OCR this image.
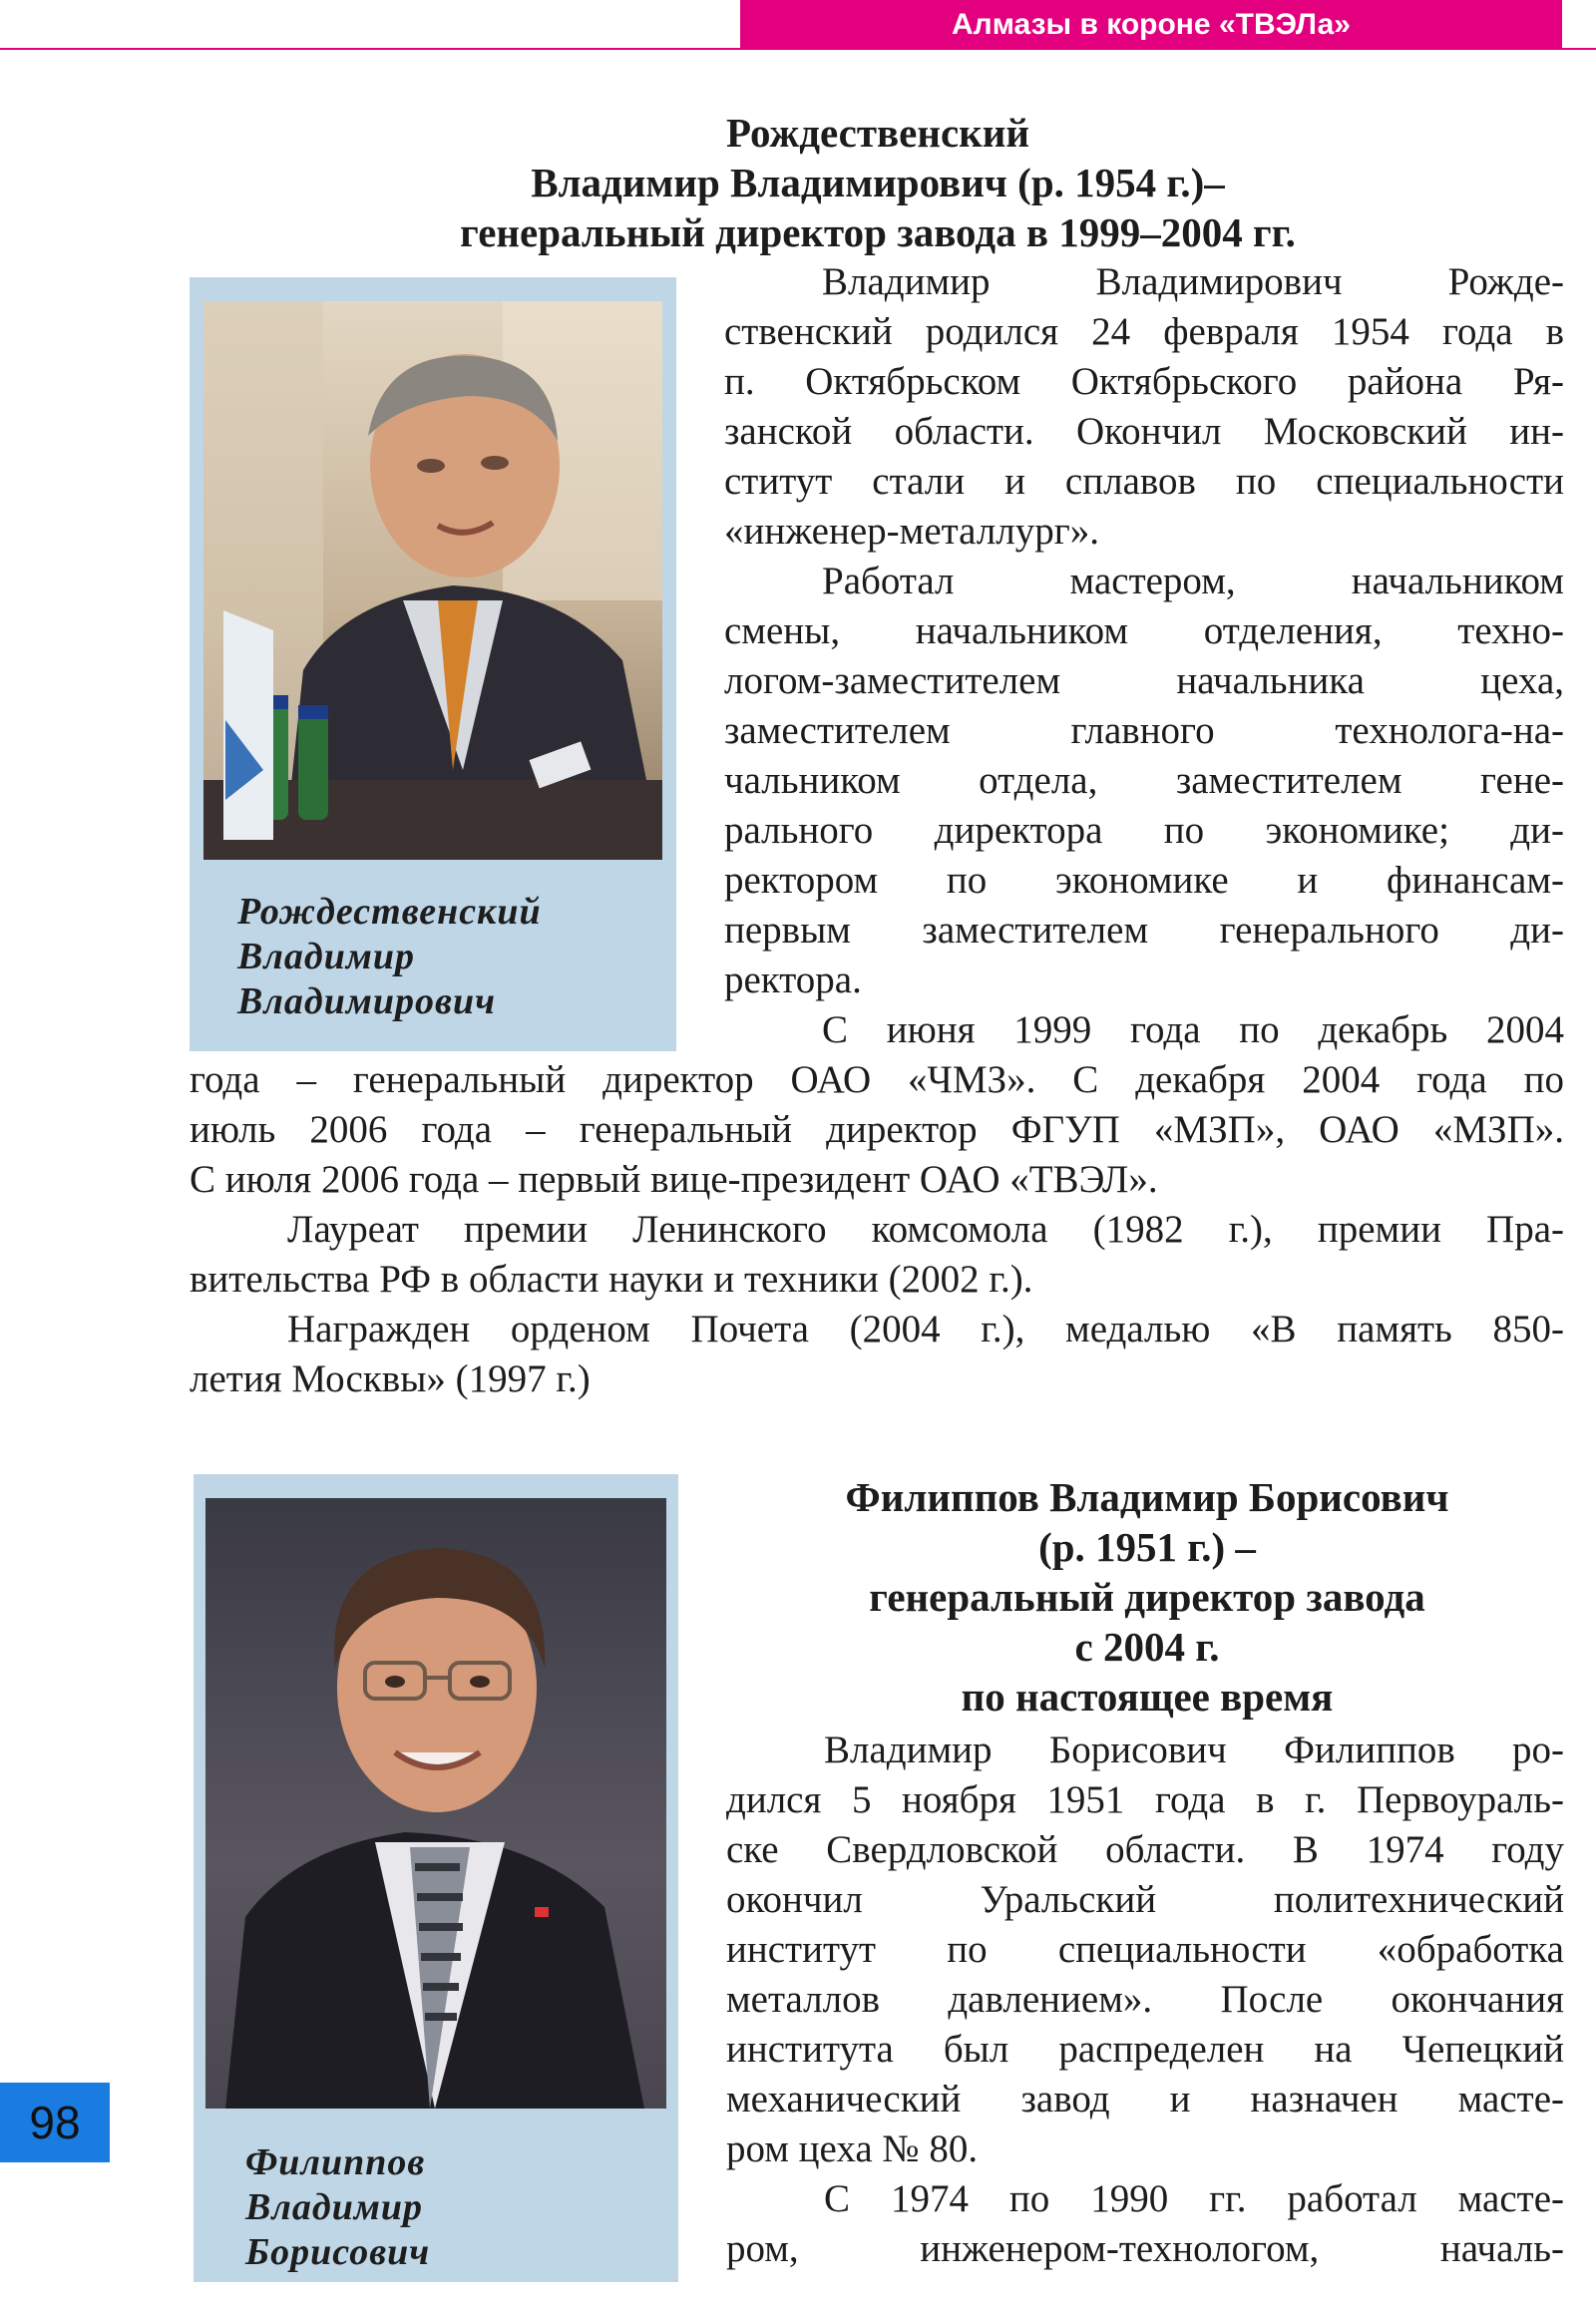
Алмазы в короне «ТВЭЛа»
Рождественский
Владимир Владимирович (р. 1954 г.)–
генеральный директор завода в 1999–2004 гг.
Рождественский
Владимир
Владимирович
Владимир Владимирович Рожде-
ственский родился 24 февраля 1954 года в
п. Октябрьском Октябрьского района Ря-
занской области. Окончил Московский ин-
ститут стали и сплавов по специальности
«инженер-металлург».
Работал мастером, начальником
смены, начальником отделения, техно-
логом-заместителем начальника цеха,
заместителем главного технолога-на-
чальником отдела, заместителем гене-
рального директора по экономике; ди-
ректором по экономике и финансам-
первым заместителем генерального ди-
ректора.
С июня 1999 года по декабрь 2004
года – генеральный директор ОАО «ЧМЗ». С декабря 2004 года по
июль 2006 года – генеральный директор ФГУП «МЗП», ОАО «МЗП».
С июля 2006 года – первый вице-президент ОАО «ТВЭЛ».
Лауреат премии Ленинского комсомола (1982 г.), премии Пра-
вительства РФ в области науки и техники (2002 г.).
Награжден орденом Почета (2004 г.), медалью «В память 850-
летия Москвы» (1997 г.)
Филиппов
Владимир
Борисович
Филиппов Владимир Борисович
(р. 1951 г.) –
генеральный директор завода
с 2004 г.
по настоящее время
Владимир Борисович Филиппов ро-
дился 5 ноября 1951 года в г. Первоураль-
ске Свердловской области. В 1974 году
окончил Уральский политехнический
институт по специальности «обработка
металлов давлением». После окончания
института был распределен на Чепецкий
механический завод и назначен масте-
ром цеха № 80.
С 1974 по 1990 гг. работал масте-
ром, инженером-технологом, началь-
98
